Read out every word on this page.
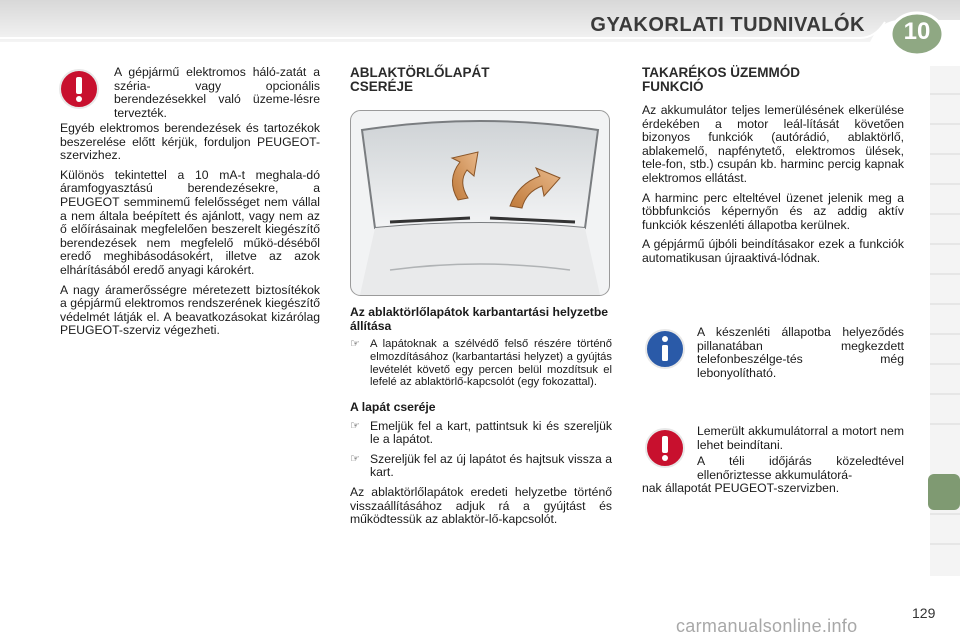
GYAKORLATI TUDNIVALÓK	10
A gépjármű elektromos háló-zatát a széria- vagy opcionális berendezésekkel való üzeme-lésre tervezték.

Egyéb elektromos berendezések és tartozékok beszerelése előtt kérjük, forduljon PEUGEOT-szervizhez.

Különös tekintettel a 10 mA-t meghala-dó áramfogyasztású berendezésekre, a PEUGEOT semminemű felelősséget nem vállal a nem általa beépített és ajánlott, vagy nem az ő előírásainak megfelelően beszerelt kiegészítő berendezések nem megfelelő műkö-déséből eredő meghibásodásokért, illetve az azok elhárításából eredő anyagi károkért.

A nagy áramerősségre méretezett biztosítékok a gépjármű elektromos rendszerének kiegészítő védelmét látják el. A beavatkozásokat kizárólag PEUGEOT-szerviz végezheti.

ABLAKTÖRLŐLAPÁT
CSERÉJE
Az ablaktörlőlapátok karbantartási helyzetbe állítása
☞ A lapátoknak a szélvédő felső részére történő elmozdításához (karbantartási helyzet) a gyújtás levételét követő egy percen belül mozdítsuk el lefelé az ablaktörlő-kapcsolót (egy fokozattal).
A lapát cseréje
☞ Emeljük fel a kart, pattintsuk ki és szereljük le a lapátot.
☞ Szereljük fel az új lapátot és hajtsuk vissza a kart.

Az ablaktörlőlapátok eredeti helyzetbe történő visszaállításához adjuk rá a gyújtást és működtessük az ablaktör-lő-kapcsolót.

TAKARÉKOS ÜZEMMÓD
FUNKCIÓ

Az akkumulátor teljes lemerülésének elkerülése érdekében a motor leál-lítását követően bizonyos funkciók (autórádió, ablaktörlő, ablakemelő, napfénytető, elektromos ülések, tele-fon, stb.) csupán kb. harminc percig kapnak elektromos ellátást.

A harminc perc elteltével üzenet jelenik meg a többfunkciós képernyőn és az addig aktív funkciók készenléti állapotba kerülnek.

A gépjármű újbóli beindításakor ezek a funkciók automatikusan újraaktivá-lódnak.

A készenléti állapotba helyeződés pillanatában megkezdett telefonbeszélge-tés még lebonyolítható.
Lemerült akkumulátorral a motort nem lehet beindítani.
A téli időjárás közeledtével ellenőriztesse akkumulátorá-
nak állapotát PEUGEOT-szervizben.
129
carmanualsonline.info
